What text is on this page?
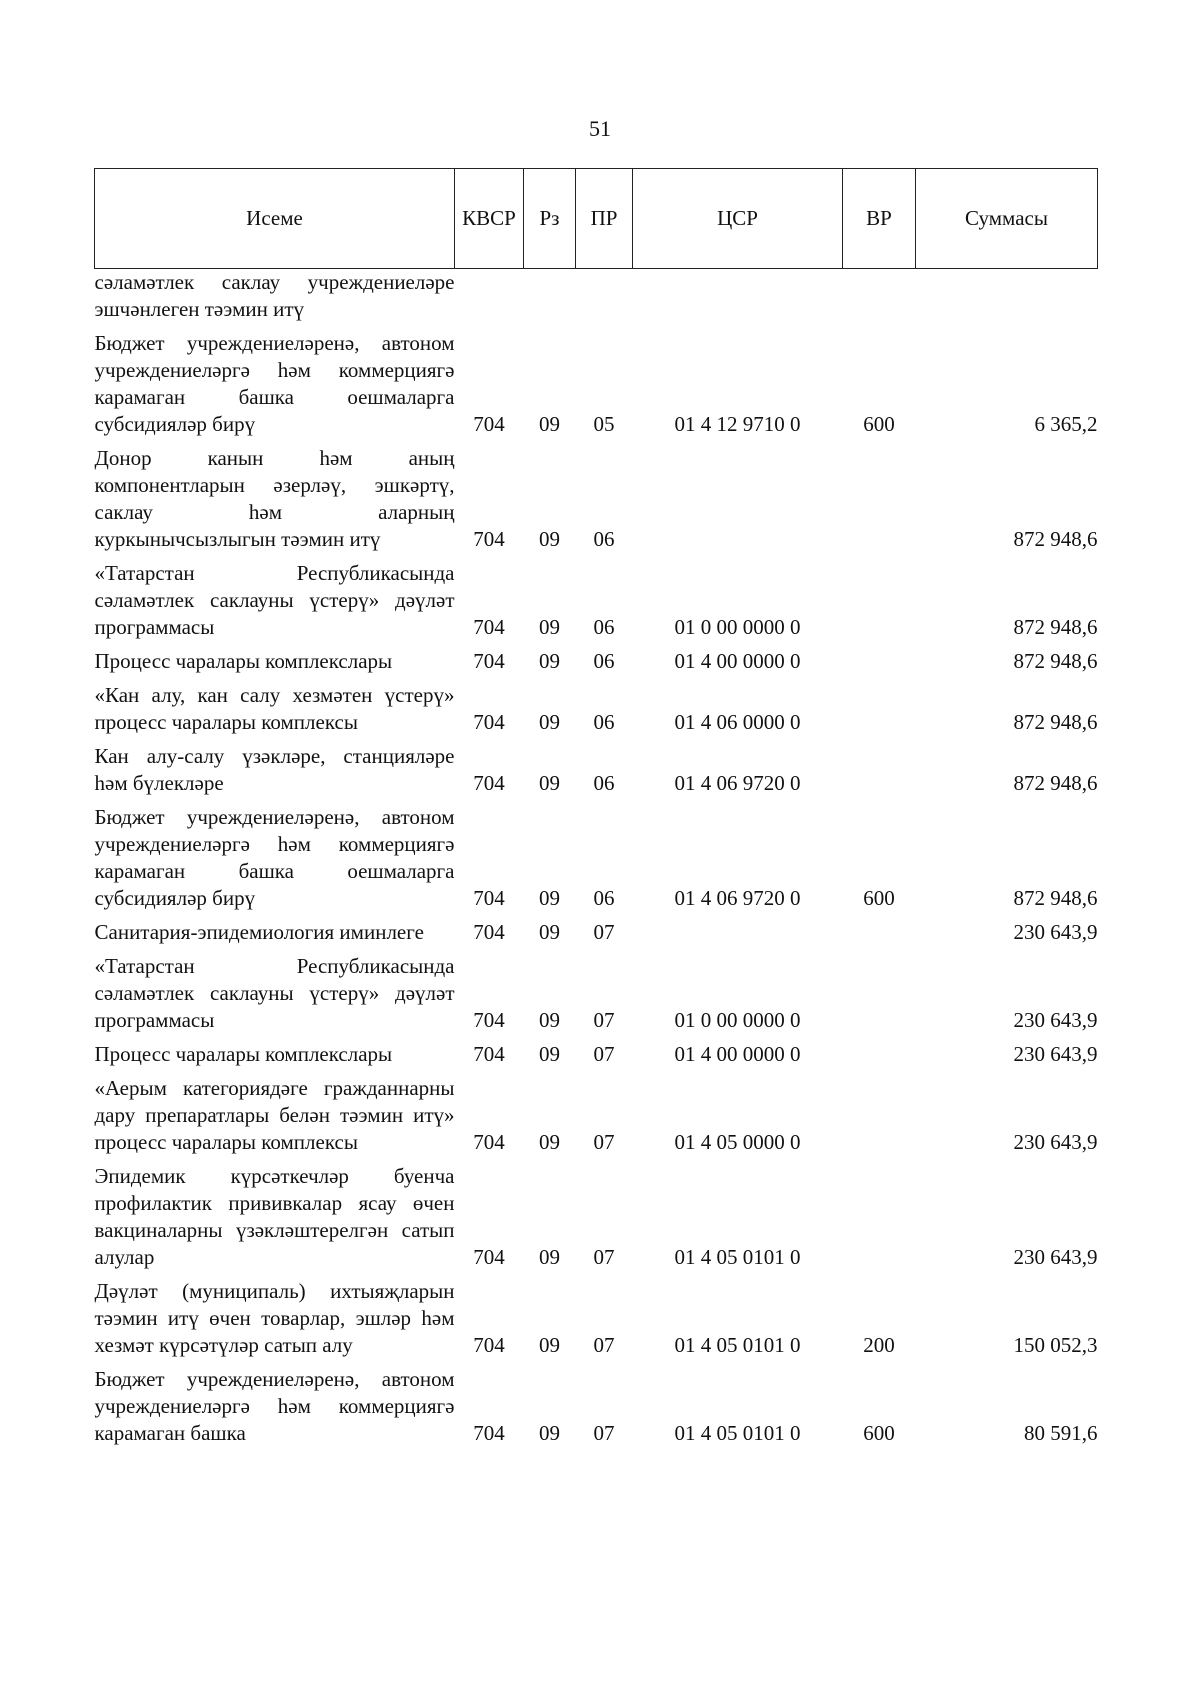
51
Исеме	КВСР	Рз	ПР	ЦСР	ВР	Суммасы
сәламәтлек саклау учреждениеләре эшчәнлеген тәэмин итү						
Бюджет учреждениеләренә, автоном учреждениеләргә һәм коммерциягә карамаган башка оешмаларга субсидияләр бирү	704	09	05	01 4 12 9710 0	600	6 365,2
Донор канын һәм аның компонентларын әзерләү, эшкәртү, саклау һәм аларның куркынычсызлыгын тәэмин итү	704	09	06			872 948,6
«Татарстан Республикасында сәламәтлек саклауны үстерү» дәүләт программасы	704	09	06	01 0 00 0000 0		872 948,6
Процесс чаралары комплекслары	704	09	06	01 4 00 0000 0		872 948,6
«Кан алу, кан салу хезмәтен үстерү» процесс чаралары комплексы	704	09	06	01 4 06 0000 0		872 948,6
Кан алу-салу үзәкләре, станцияләре һәм бүлекләре	704	09	06	01 4 06 9720 0		872 948,6
Бюджет учреждениеләренә, автоном учреждениеләргә һәм коммерциягә карамаган башка оешмаларга субсидияләр бирү	704	09	06	01 4 06 9720 0	600	872 948,6
Санитария-эпидемиология иминлеге	704	09	07			230 643,9
«Татарстан Республикасында сәламәтлек саклауны үстерү» дәүләт программасы	704	09	07	01 0 00 0000 0		230 643,9
Процесс чаралары комплекслары	704	09	07	01 4 00 0000 0		230 643,9
«Аерым категориядәге гражданнарны дару препаратлары белән тәэмин итү» процесс чаралары комплексы	704	09	07	01 4 05 0000 0		230 643,9
Эпидемик күрсәткечләр буенча профилактик прививкалар ясау өчен вакциналарны үзәкләштерелгән сатып алулар	704	09	07	01 4 05 0101 0		230 643,9
Дәүләт (муниципаль) ихтыяҗларын тәэмин итү өчен товарлар, эшләр һәм хезмәт күрсәтүләр сатып алу	704	09	07	01 4 05 0101 0	200	150 052,3
Бюджет учреждениеләренә, автоном учреждениеләргә һәм коммерциягә карамаган башка	704	09	07	01 4 05 0101 0	600	80 591,6
